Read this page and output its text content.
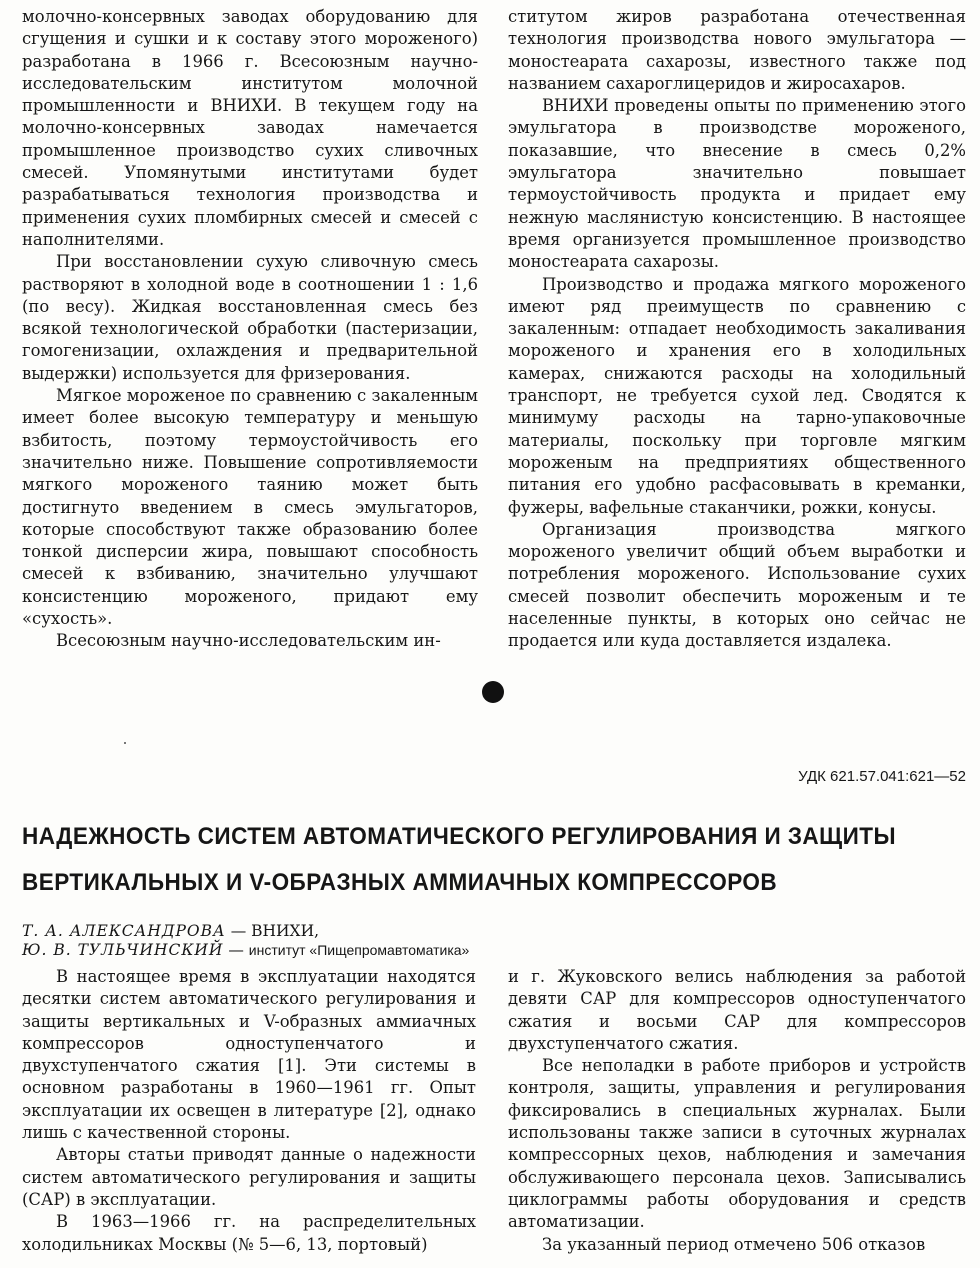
молочно-консервных заводах оборудованию для сгущения и сушки и к составу этого мороженого) разработана в 1966 г. Всесоюзным научно-исследовательским институтом молочной промышленности и ВНИХИ. В текущем году на молочно-консервных заводах намечается промышленное производство сухих сливочных смесей. Упомянутыми институтами будет разрабатываться технология производства и применения сухих пломбирных смесей и смесей с наполнителями.

При восстановлении сухую сливочную смесь растворяют в холодной воде в соотношении 1 : 1,6 (по весу). Жидкая восстановленная смесь без всякой технологической обработки (пастеризации, гомогенизации, охлаждения и предварительной выдержки) используется для фризерования.

Мягкое мороженое по сравнению с закаленным имеет более высокую температуру и меньшую взбитость, поэтому термоустойчивость его значительно ниже. Повышение сопротивляемости мягкого мороженого таянию может быть достигнуто введением в смесь эмульгаторов, которые способствуют также образованию более тонкой дисперсии жира, повышают способность смесей к взбиванию, значительно улучшают консистенцию мороженого, придают ему «сухость».

Всесоюзным научно-исследовательским ин-

ститутом жиров разработана отечественная технология производства нового эмульгатора — моностеарата сахарозы, известного также под названием сахароглицеридов и жиросахаров.

ВНИХИ проведены опыты по применению этого эмульгатора в производстве мороженого, показавшие, что внесение в смесь 0,2% эмульгатора значительно повышает термоустойчивость продукта и придает ему нежную маслянистую консистенцию. В настоящее время организуется промышленное производство моностеарата сахарозы.

Производство и продажа мягкого мороженого имеют ряд преимуществ по сравнению с закаленным: отпадает необходимость закаливания мороженого и хранения его в холодильных камерах, снижаются расходы на холодильный транспорт, не требуется сухой лед. Сводятся к минимуму расходы на тарно-упаковочные материалы, поскольку при торговле мягким мороженым на предприятиях общественного питания его удобно расфасовывать в креманки, фужеры, вафельные стаканчики, рожки, конусы.

Организация производства мягкого мороженого увеличит общий объем выработки и потребления мороженого. Использование сухих смесей позволит обеспечить мороженым и те населенные пункты, в которых оно сейчас не продается или куда доставляется издалека.

УДК 621.57.041:621—52
НАДЕЖНОСТЬ СИСТЕМ АВТОМАТИЧЕСКОГО РЕГУЛИРОВАНИЯ И ЗАЩИТЫ
ВЕРТИКАЛЬНЫХ И V-ОБРАЗНЫХ АММИАЧНЫХ КОМПРЕССОРОВ
Т. А. АЛЕКСАНДРОВА — ВНИХИ,
Ю. В. ТУЛЬЧИНСКИЙ — институт «Пищепромавтоматика»

В настоящее время в эксплуатации находятся десятки систем автоматического регулирования и защиты вертикальных и V-образных аммиачных компрессоров одноступенчатого и двухступенчатого сжатия [1]. Эти системы в основном разработаны в 1960—1961 гг. Опыт эксплуатации их освещен в литературе [2], однако лишь с качественной стороны.

Авторы статьи приводят данные о надежности систем автоматического регулирования и защиты (САР) в эксплуатации.

В 1963—1966 гг. на распределительных холодильниках Москвы (№ 5—6, 13, портовый)

и г. Жуковского велись наблюдения за работой девяти САР для компрессоров одноступенчатого сжатия и восьми САР для компрессоров двухступенчатого сжатия.

Все неполадки в работе приборов и устройств контроля, защиты, управления и регулирования фиксировались в специальных журналах. Были использованы также записи в суточных журналах компрессорных цехов, наблюдения и замечания обслуживающего персонала цехов. Записывались циклограммы работы оборудования и средств автоматизации.

За указанный период отмечено 506 отказов
